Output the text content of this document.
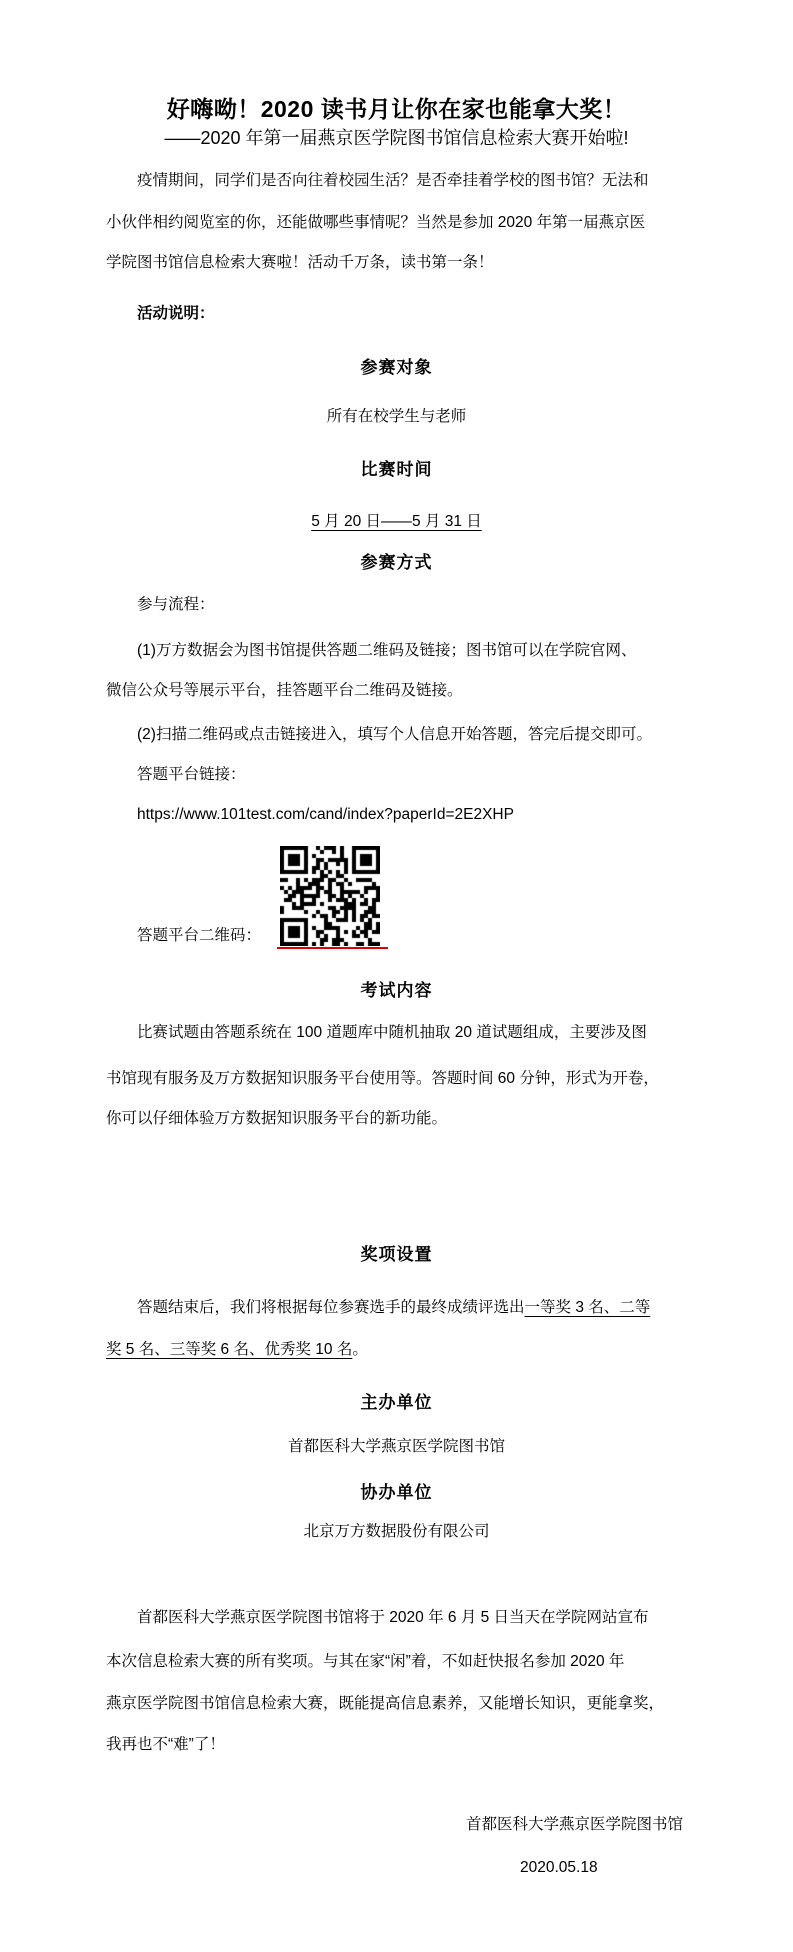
好嗨呦！2020 读书月让你在家也能拿大奖！
——2020 年第一届燕京医学院图书馆信息检索大赛开始啦!
疫情期间，同学们是否向往着校园生活？是否牵挂着学校的图书馆？无法和
小伙伴相约阅览室的你，还能做哪些事情呢？当然是参加 2020 年第一届燕京医
学院图书馆信息检索大赛啦！活动千万条，读书第一条！
活动说明：
参赛对象
所有在校学生与老师
比赛时间
5 月 20 日——5 月 31 日
参赛方式
参与流程：
(1)万方数据会为图书馆提供答题二维码及链接；图书馆可以在学院官网、
微信公众号等展示平台，挂答题平台二维码及链接。
(2)扫描二维码或点击链接进入，填写个人信息开始答题，答完后提交即可。
答题平台链接：
https://www.101test.com/cand/index?paperId=2E2XHP
答题平台二维码：
考试内容
比赛试题由答题系统在 100 道题库中随机抽取 20 道试题组成，主要涉及图
书馆现有服务及万方数据知识服务平台使用等。答题时间 60 分钟，形式为开卷，
你可以仔细体验万方数据知识服务平台的新功能。
奖项设置
答题结束后，我们将根据每位参赛选手的最终成绩评选出一等奖 3 名、二等
奖 5 名、三等奖 6 名、优秀奖 10 名。
主办单位
首都医科大学燕京医学院图书馆
协办单位
北京万方数据股份有限公司
首都医科大学燕京医学院图书馆将于 2020 年 6 月 5 日当天在学院网站宣布
本次信息检索大赛的所有奖项。与其在家“闲”着，不如赶快报名参加 2020 年
燕京医学院图书馆信息检索大赛，既能提高信息素养，又能增长知识，更能拿奖，
我再也不“难”了！
首都医科大学燕京医学院图书馆
2020.05.18
